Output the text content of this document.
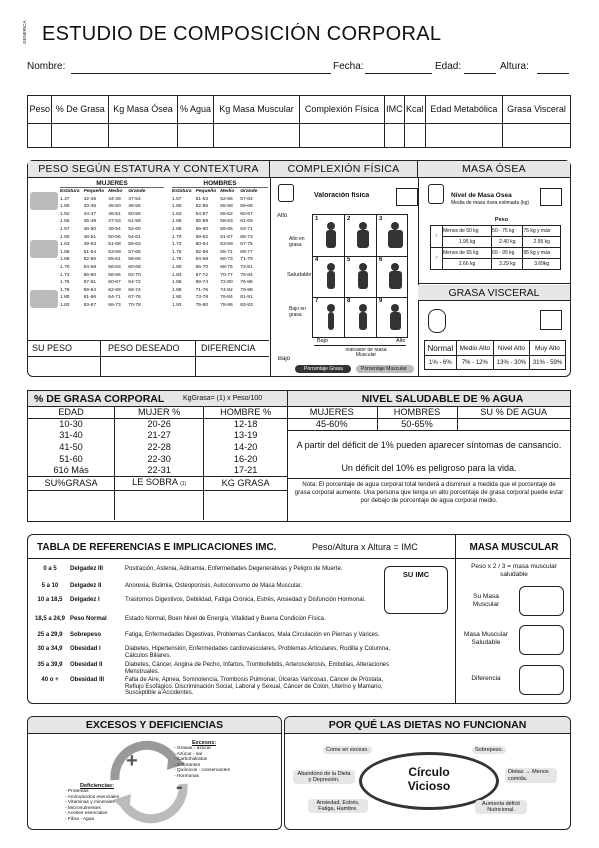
GENERICA ESTUDIO DE COMPOSICIÓN CORPORAL
Nombre:	Fecha:	Edad:	Altura:
Peso	% De Grasa	Kg Masa Ósea	% Agua	Kg Masa Muscular	Complexión Física	IMC	Kcal	Edad Metabólica	Grasa Visceral

PESO SEGÚN ESTATURA Y CONTEXTURA	COMPLEXIÓN FÍSICA	MASA ÓSEA
MUJERES	HOMBRES
Estatura	Pequeño	Medio	Grande
1.47	42-45	44-49	47-54
1.50	43-46	45-50	48-55
1.52	44-47	46-51	50-56
1.55	45-49	47-53	51-58
1.57	46-50	49-54	52-60
1.60	48-51	50-56	54-61
1.63	49-53	51-58	55-63
1.65	51-54	53-59	57-65
1.68	52-56	55-61	58-66
1.70	54-58	56-63	60-68
1.73	56-60	58-65	62-70
1.75	57-61	60-67	64-72
1.78	59-64	62-69	66-74
1.80	61-66	64-71	67-76
1.83	63-67	66-73	70-78
Estatura	Pequeño	Medio	Grande
1.57	51-53	52-56	57-64
1.60	52-55	55-58	59-66
1.63	54-57	55-62	60-67
1.65	55-59	58-63	61-69
1.68	56-60	59-65	63-71
1.70	58-62	61-67	65-73
1.73	60-64	63-69	67-75
1.75	62-66	65-71	69-77
1.78	64-68	66-73	71-79
1.80	65-70	68-75	72-81
1.83	67-72	70-77	75-84
1.85	69-74	72-80	76-86
1.88	71-76	74-82	79-88
1.90	73-78	76-84	81-91
1.93	75-80	78-86	83-93
SU PESO	PESO DESEADO DIFERENCIA
Valoración física
Alto
Bajo
Alto en
grasa
Saludable
Bajo en
grasa
1	2	3
4	5	6
7	8	9
Bajo	Alto
Indicador de Masa Muscular
Porcentaje Grasa	Porcentaje Muscular
Nivel de Masa Ósea
Media de masa ósea estimada (kg)
	Peso		
♀	Menos de 50 kg	50 - 75 kg	75 kg y más
	1.95 kg	2.40 kg	2.95 kg
♂	Menos de 65 kg	65 - 95 kg	95 kg y más
	2.66 kg	3.29 kg	3.69kg
GRASA VISCERAL
Normal	Medio Alto	Nivel Alto	Muy Alto
1% - 6%	7% - 12%	13% - 30%	31% - 59%
% DE GRASA CORPORAL	KgGrasa= (1) x Peso/100	NIVEL SALUDABLE DE % AGUA
EDAD	MUJER %	HOMBRE %
10-30	20-26	12-18
31-40	21-27	13-19
41-50	22-28	14-20
51-60	22-30	16-20
61ó Más	22-31	17-21
SU%GRASA	LE SOBRA (1)	KG GRASA

MUJERES	HOMBRES	SU % DE AGUA
45-60%	50-65%	
A partir del déficit de 1% pueden aparecer síntomas de cansancio.
Un déficit del 10% es peligroso para la vida.
Nota: El porcentaje de agua corporal total tenderá a disminuir a medida que el porcentaje de grasa corporal aumente. Una persona que tenga un alto porcentaje de grasa corporal puede estar por debajo de porcentaje de agua corporal medio.
TABLA DE REFERENCIAS E IMPLICACIONES IMC.	Peso/Altura x Altura = IMC	MASA MUSCULAR
0 a 5	Delgadez III	Postración, Astenia, Adinamia, Enfermedades Degenerativas y Peligro de Muerte.
5 a 10	Delgadez II	Anorexia, Bulimia, Osteoporosis, Autoconsumo de Masa Muscular.
10 a 18,5	Delgadez I	Trastornos Digestivos, Debilidad, Fatiga Crónica, Estrés, Ansiedad y Disfunción Hormonal.
18,5 a 24,9 Peso Normal	Estado Normal, Buen Nivel de Energía, Vitalidad y Buena Condición Física.
25 a 29,9	Sobrepeso	Fatiga, Enfermedades Digestivas, Problemas Cardiacos, Mala Circulación en Piernas y Varices.
30 a 34,9	Obesidad I	Diabetes, Hipertensión, Enfermedades cardiovasculares, Problemas Articulares, Rodilla y Columna, Cálculos Biliares.
35 a 39,9	Obesidad II	Diabetes, Cáncer, Angina de Pecho, Infartos, Trombofebitis, Arterosclerosis, Embolias, Alteraciones Menstruales.
40 o +	Obesidad III	Falta de Aire, Apnea, Somnolencia, Trombosis Pulmonar, Úlceras Varicosas, Cáncer de Próstata, Reflujo Esofágico. Discriminación Social, Laboral y Sexual, Cáncer de Colon, Uterino y Mamario, Susceptible a Accidentes.
SU IMC
Peso x 2 / 3 = masa muscular saludable
Su Masa Muscular
Masa Muscular Saludable
Diferencia
EXCESOS Y DEFICIENCIAS
+
-
Excesos:
- Grasas - azúcar
- Azúcar - sal
- Carbohidratos
- Colorantes
- Químicos - conservantes
- Hormonas
Deficiencias:
- Proteínas
- Aminoácidos esenciales
- Vitaminas y minerales
- Micronutrientes
- Aceites esenciales
- Fibra - Agua
POR QUÉ LAS DIETAS NO FUNCIONAN
Círculo
Vicioso
Come en exceso.	Sobrepeso.
Dietas → Menos comida.
Aumenta déficit Nutricional.
Ansiedad, Estrés, Fatiga, Hambre.
Abandono de la Dieta y Depresión.
